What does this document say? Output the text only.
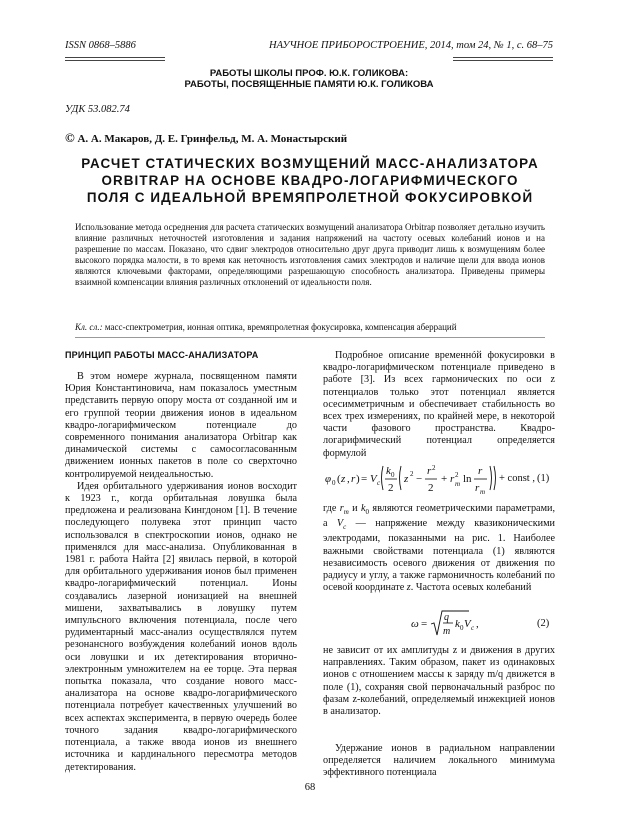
ISSN 0868–5886	НАУЧНОЕ ПРИБОРОСТРОЕНИЕ, 2014, том 24, № 1, с. 68–75
РАБОТЫ ШКОЛЫ ПРОФ. Ю.К. ГОЛИКОВА:
РАБОТЫ, ПОСВЯЩЕННЫЕ ПАМЯТИ Ю.К. ГОЛИКОВА
УДК 53.082.74
© А. А. Макаров, Д. Е. Гринфельд, М. А. Монастырский
РАСЧЕТ СТАТИЧЕСКИХ ВОЗМУЩЕНИЙ МАСС-АНАЛИЗАТОРА
ORBITRAP НА ОСНОВЕ КВАДРО-ЛОГАРИФМИЧЕСКОГО
ПОЛЯ С ИДЕАЛЬНОЙ ВРЕМЯПРОЛЕТНОЙ ФОКУСИРОВКОЙ
Использование метода осреднения для расчета статических возмущений анализатора Orbitrap позволяет детально изучить влияние различных неточностей изготовления и задания напряжений на частоту осевых колебаний ионов и на разрешение по массам. Показано, что сдвиг электродов относительно друг друга приводит лишь к возмущениям более высокого порядка малости, в то время как неточность изготовления самих электродов и наличие щели для ввода ионов являются ключевыми факторами, определяющими разрешающую способность анализатора. Приведены примеры взаимной компенсации влияния различных отклонений от идеальности поля.
Кл. сл.: масс-спектрометрия, ионная оптика, времяпролетная фокусировка, компенсация аберраций
ПРИНЦИП РАБОТЫ МАСС-АНАЛИЗАТОРА

В этом номере журнала, посвященном памяти Юрия Константиновича, нам показалось уместным представить первую опору моста от созданной им и его группой теории движения ионов в идеальном квадро-логарифмическом потенциале до современного понимания анализатора Orbitrap как динамической системы с самосогласованным движением ионных пакетов в поле со сверхточно контролируемой неидеальностью.

Идея орбитального удерживания ионов восходит к 1923 г., когда орбитальная ловушка была предложена и реализована Кингдоном [1]. В течение последующего полувека этот принцип часто использовался в спектроскопии ионов, однако не применялся для масс-анализа. Опубликованная в 1981 г. работа Найта [2] явилась первой, в которой для орбитального удерживания ионов был применен квадро-логарифмический потенциал. Ионы создавались лазерной ионизацией на внешней мишени, захватывались в ловушку путем импульсного включения потенциала, после чего рудиментарный масс-анализ осуществлялся путем резонансного возбуждения колебаний ионов вдоль оси ловушки и их детектирования вторично-электронным умножителем на ее торце. Эта первая попытка показала, что создание нового масс-анализатора на основе квадро-логарифмического потенциала потребует качественных улучшений во всех аспектах эксперимента, в первую очередь более точного задания квадро-логарифмического потенциала, а также ввода ионов из внешнего источника и кардинального пересмотра методов детектирования.

Подробное описание временнóй фокусировки в квадро-логарифмическом потенциале приведено в работе [3]. Из всех гармонических по оси z потенциалов только этот потенциал является осесимметричным и обеспечивает стабильность во всех трех измерениях, по крайней мере, в некоторой части фазового пространства. Квадро-логарифмический потенциал определяется формулой

φ 0 ( z , r ) = V c
k 0
2
z 2 −
r 2
2
+ r 2
m ln
r
r m
+ const , (1)

где $r_m$ и $k_0$ являются геометрическими параметрами, а $V_c$ — напряжение между квазиконическими электродами, показанными на рис. 1. Наиболее важными свойствами потенциала (1) являются независимость осевого движения от движения по радиусу и углу, а также гармоничность колебаний по осевой координате z. Частота осевых колебаний

ω =
q
m
k 0 V c ,	(2)

не зависит от их амплитуды z и движения в других направлениях. Таким образом, пакет из одинаковых ионов с отношением массы к заряду m/q движется в поле (1), сохраняя свой первоначальный разброс по фазам z-колебаний, определяемый инжекцией ионов в анализатор.

Удержание ионов в радиальном направлении определяется наличием локального минимума эффективного потенциала

68
